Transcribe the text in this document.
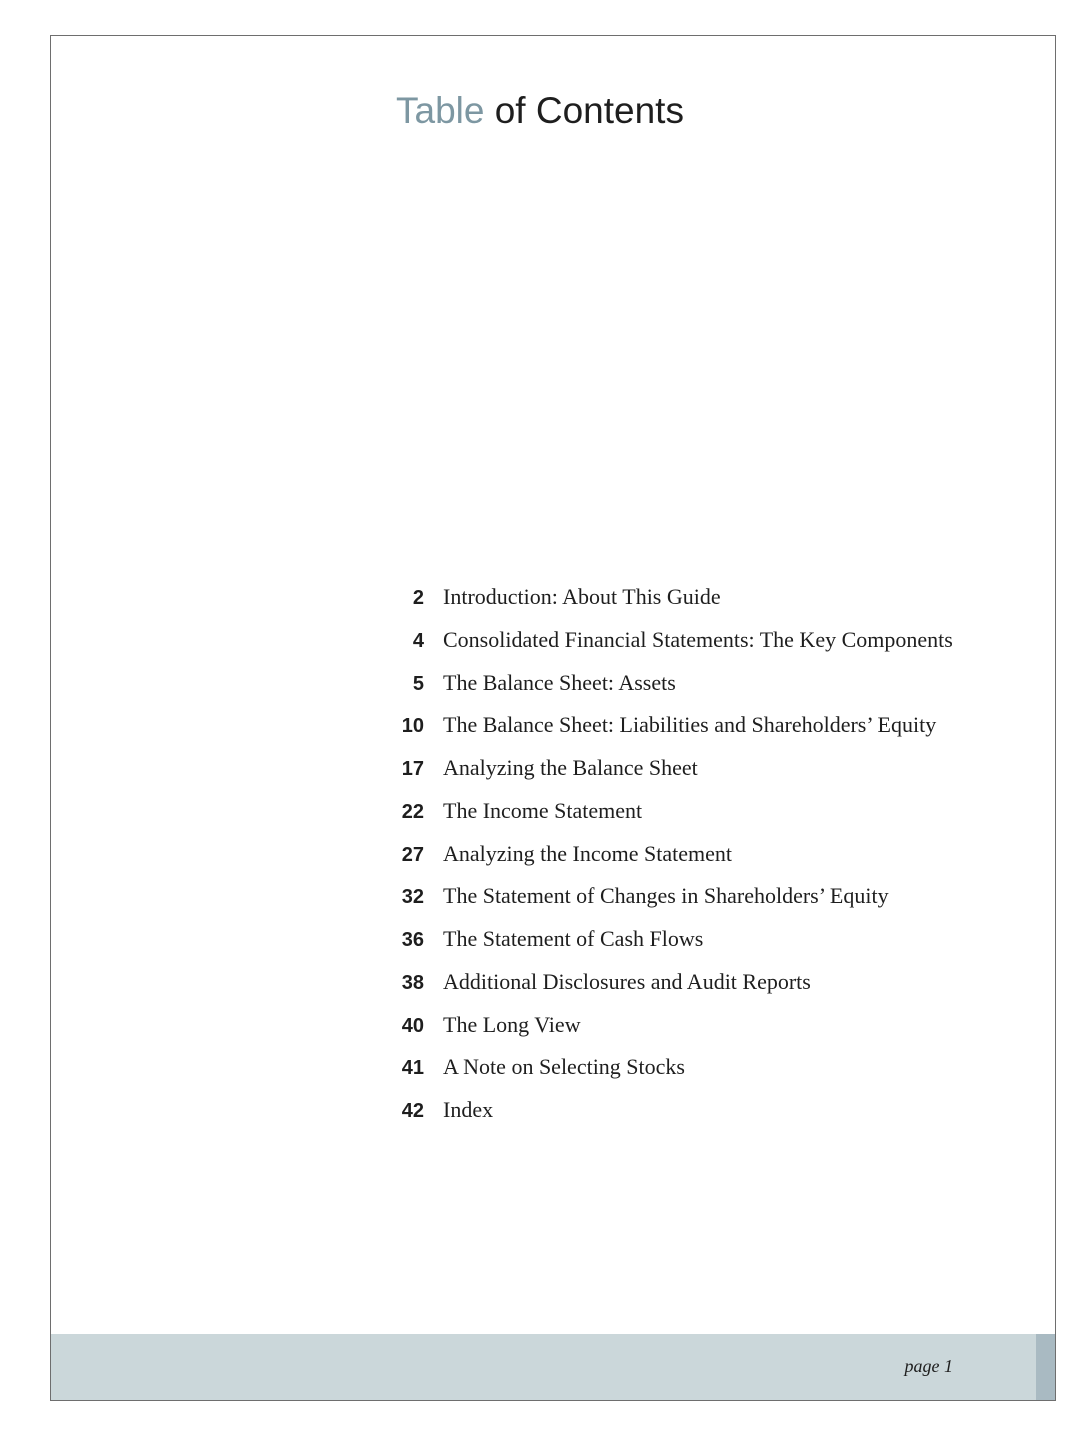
Table of Contents
2 Introduction: About This Guide
4 Consolidated Financial Statements: The Key Components
5 The Balance Sheet: Assets
10 The Balance Sheet: Liabilities and Shareholders’ Equity
17 Analyzing the Balance Sheet
22 The Income Statement
27 Analyzing the Income Statement
32 The Statement of Changes in Shareholders’ Equity
36 The Statement of Cash Flows
38 Additional Disclosures and Audit Reports
40 The Long View
41 A Note on Selecting Stocks
42 Index
page 1
